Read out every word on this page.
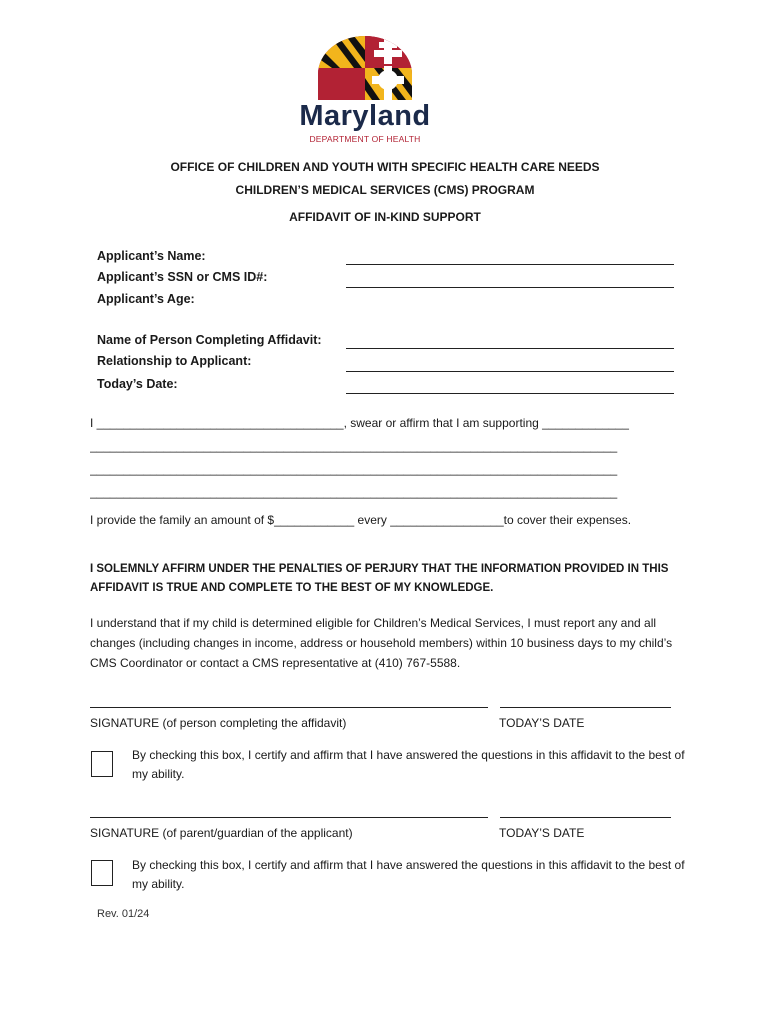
Maryland
DEPARTMENT OF HEALTH
OFFICE OF CHILDREN AND YOUTH WITH SPECIFIC HEALTH CARE NEEDS
CHILDREN’S MEDICAL SERVICES (CMS) PROGRAM
AFFIDAVIT OF IN-KIND SUPPORT
Applicant’s Name:
Applicant’s SSN or CMS ID#:
Applicant’s Age:
Name of Person Completing Affidavit:
Relationship to Applicant:
Today’s Date:
I _____________________________________, swear or affirm that I am supporting _____________
_______________________________________________________________________________
_______________________________________________________________________________
_______________________________________________________________________________
I provide the family an amount of $____________ every _________________to cover their expenses.
I SOLEMNLY AFFIRM UNDER THE PENALTIES OF PERJURY THAT THE INFORMATION PROVIDED IN THIS AFFIDAVIT IS TRUE AND COMPLETE TO THE BEST OF MY KNOWLEDGE.
I understand that if my child is determined eligible for Children’s Medical Services, I must report any and all changes (including changes in income, address or household members) within 10 business days to my child’s CMS Coordinator or contact a CMS representative at (410) 767-5588.
SIGNATURE (of person completing the affidavit)	TODAY’S DATE
By checking this box, I certify and affirm that I have answered the questions in this affidavit to the best of my ability.
SIGNATURE (of parent/guardian of the applicant)	TODAY’S DATE
By checking this box, I certify and affirm that I have answered the questions in this affidavit to the best of my ability.
Rev. 01/24
